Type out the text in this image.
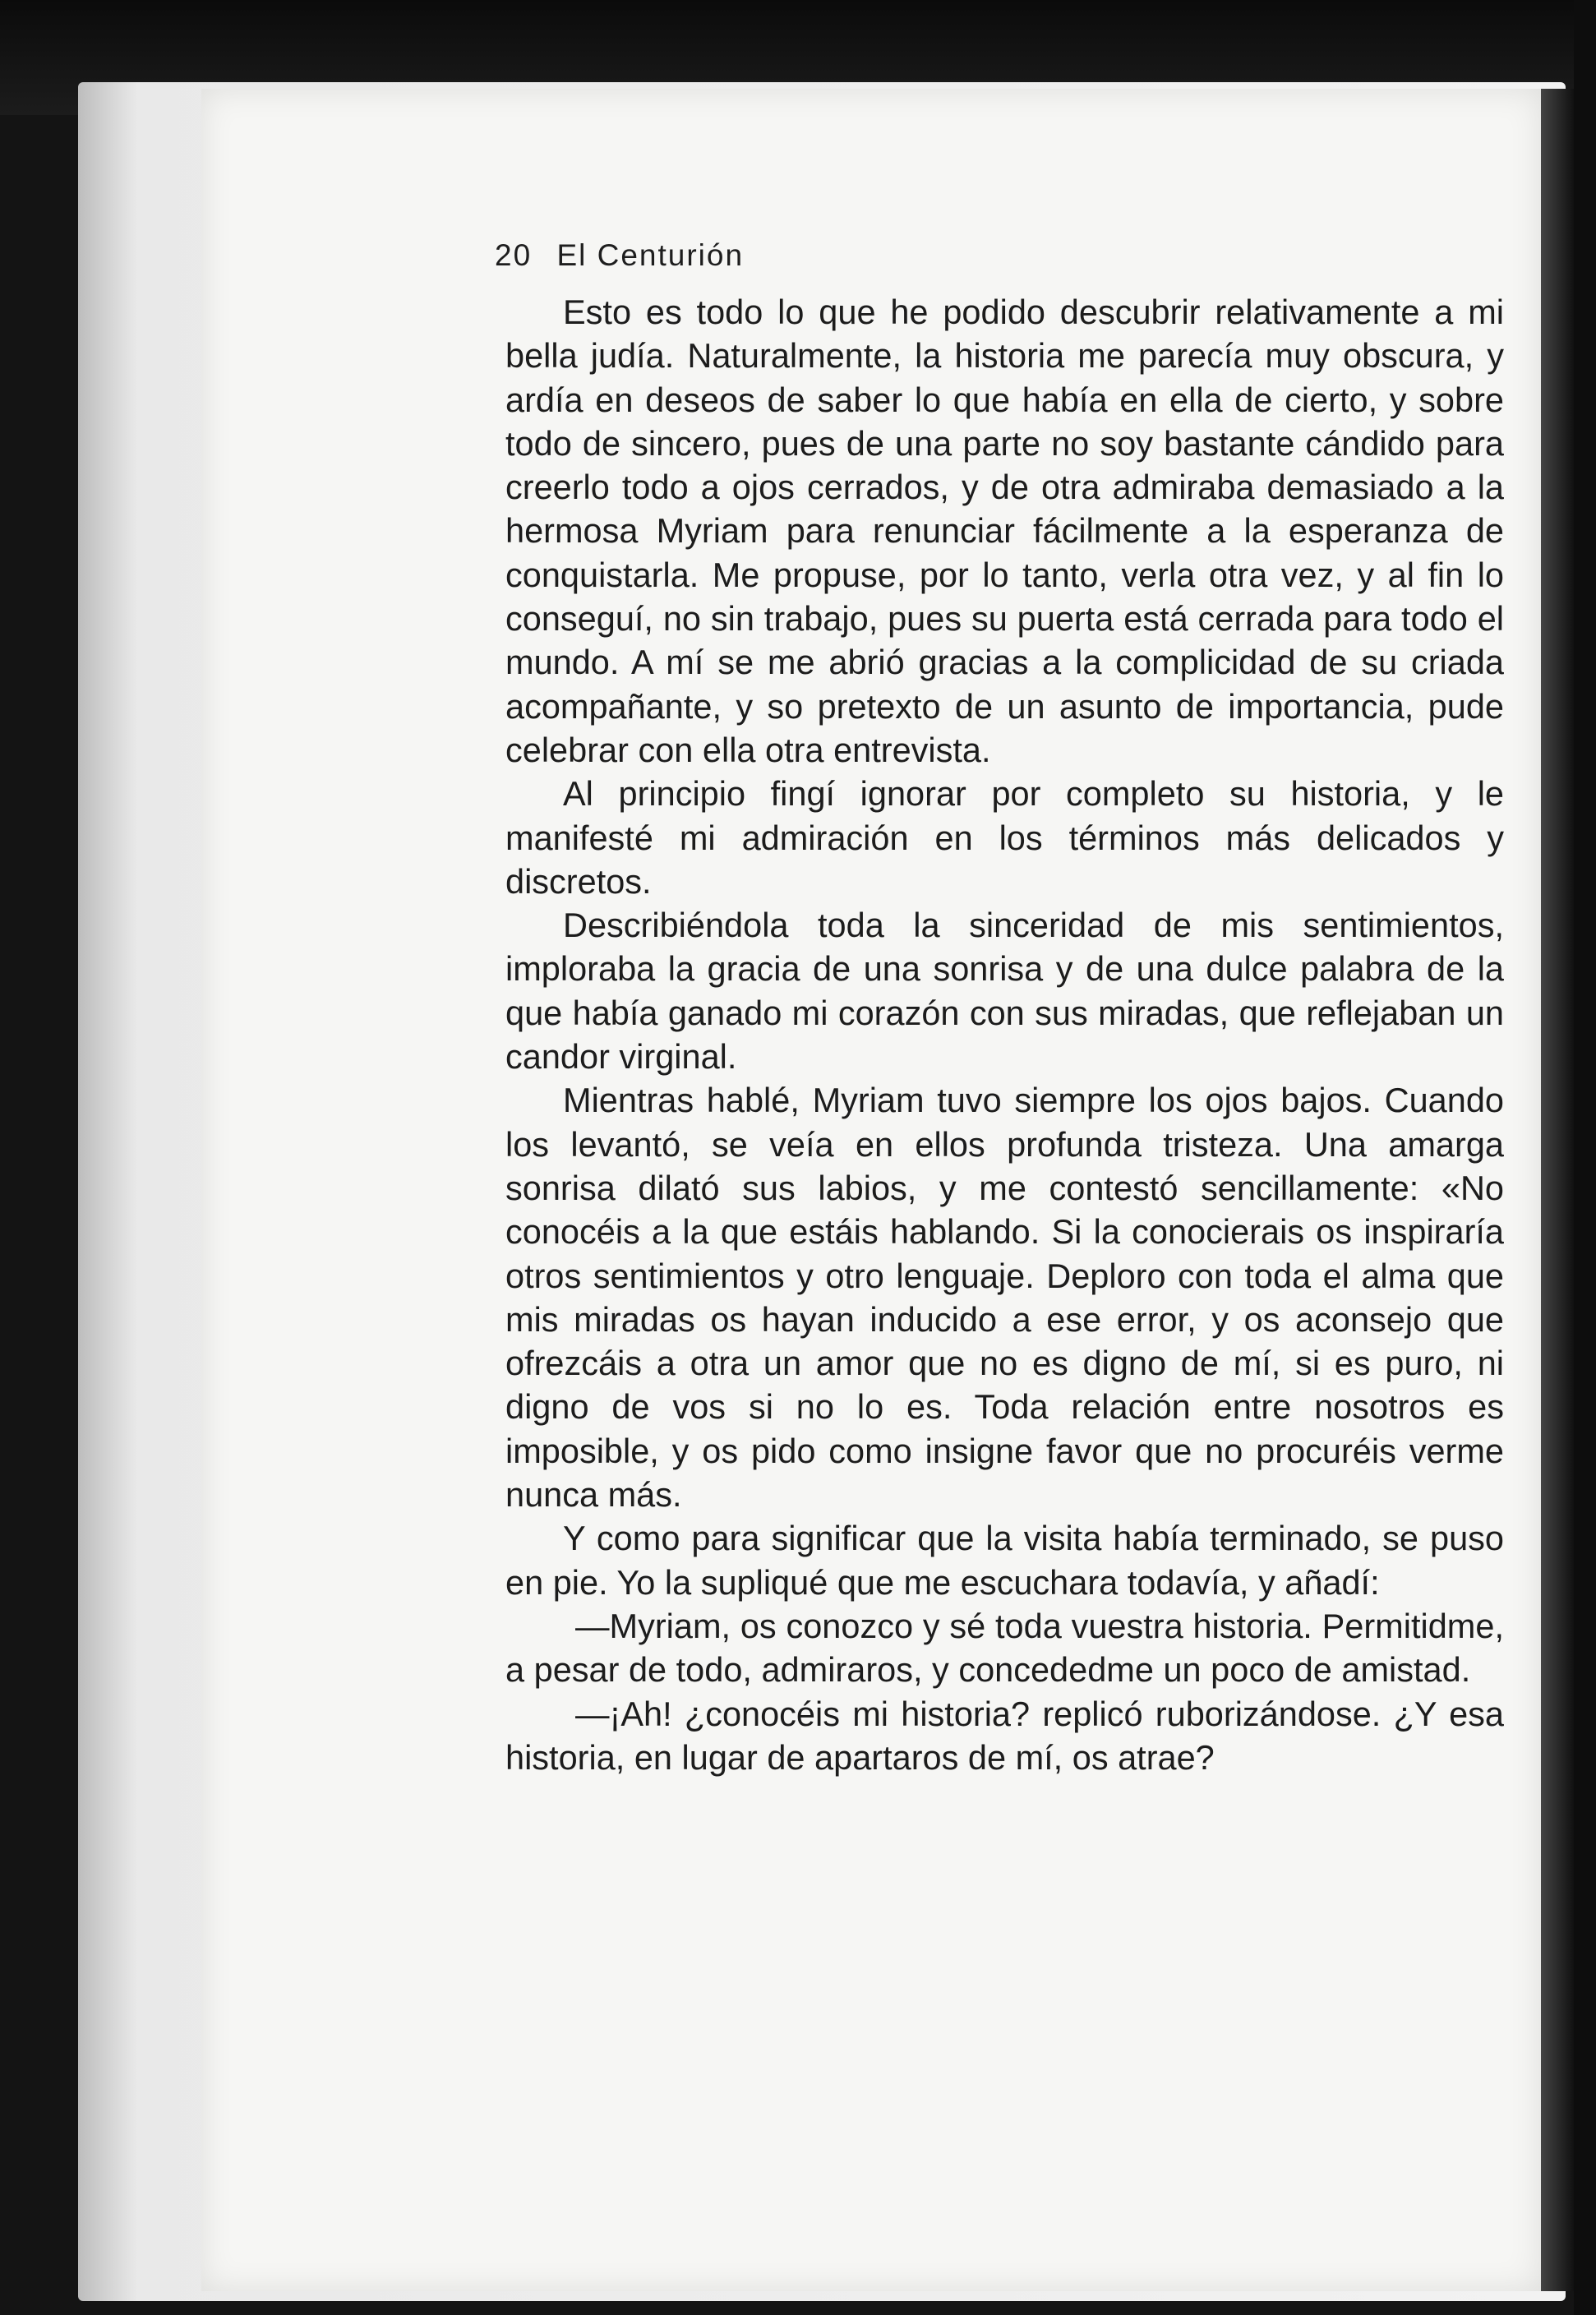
20 El Centurión

Esto es todo lo que he podido descubrir relativamente a mi bella judía. Naturalmente, la historia me parecía muy obscura, y ardía en deseos de saber lo que había en ella de cierto, y sobre todo de sincero, pues de una parte no soy bastante cándido para creerlo todo a ojos cerrados, y de otra admiraba demasiado a la hermosa Myriam para renunciar fácilmente a la esperanza de conquistarla. Me propuse, por lo tanto, verla otra vez, y al fin lo conseguí, no sin trabajo, pues su puerta está cerrada para todo el mundo. A mí se me abrió gracias a la complicidad de su criada acompañante, y so pretexto de un asunto de importancia, pude celebrar con ella otra entrevista.

Al principio fingí ignorar por completo su historia, y le manifesté mi admiración en los términos más delicados y discretos.

Describiéndola toda la sinceridad de mis sentimientos, imploraba la gracia de una sonrisa y de una dulce palabra de la que había ganado mi corazón con sus miradas, que reflejaban un candor virginal.

Mientras hablé, Myriam tuvo siempre los ojos bajos. Cuando los levantó, se veía en ellos profunda tristeza. Una amarga sonrisa dilató sus labios, y me contestó sencillamente: «No conocéis a la que estáis hablando. Si la conocierais os inspiraría otros sentimientos y otro lenguaje. Deploro con toda el alma que mis miradas os hayan inducido a ese error, y os aconsejo que ofrezcáis a otra un amor que no es digno de mí, si es puro, ni digno de vos si no lo es. Toda relación entre nosotros es imposible, y os pido como insigne favor que no procuréis verme nunca más.

Y como para significar que la visita había terminado, se puso en pie. Yo la supliqué que me escuchara todavía, y añadí:

—Myriam, os conozco y sé toda vuestra historia. Permitidme, a pesar de todo, admiraros, y concededme un poco de amistad.

—¡Ah! ¿conocéis mi historia? replicó ruborizándose. ¿Y esa historia, en lugar de apartaros de mí, os atrae?
